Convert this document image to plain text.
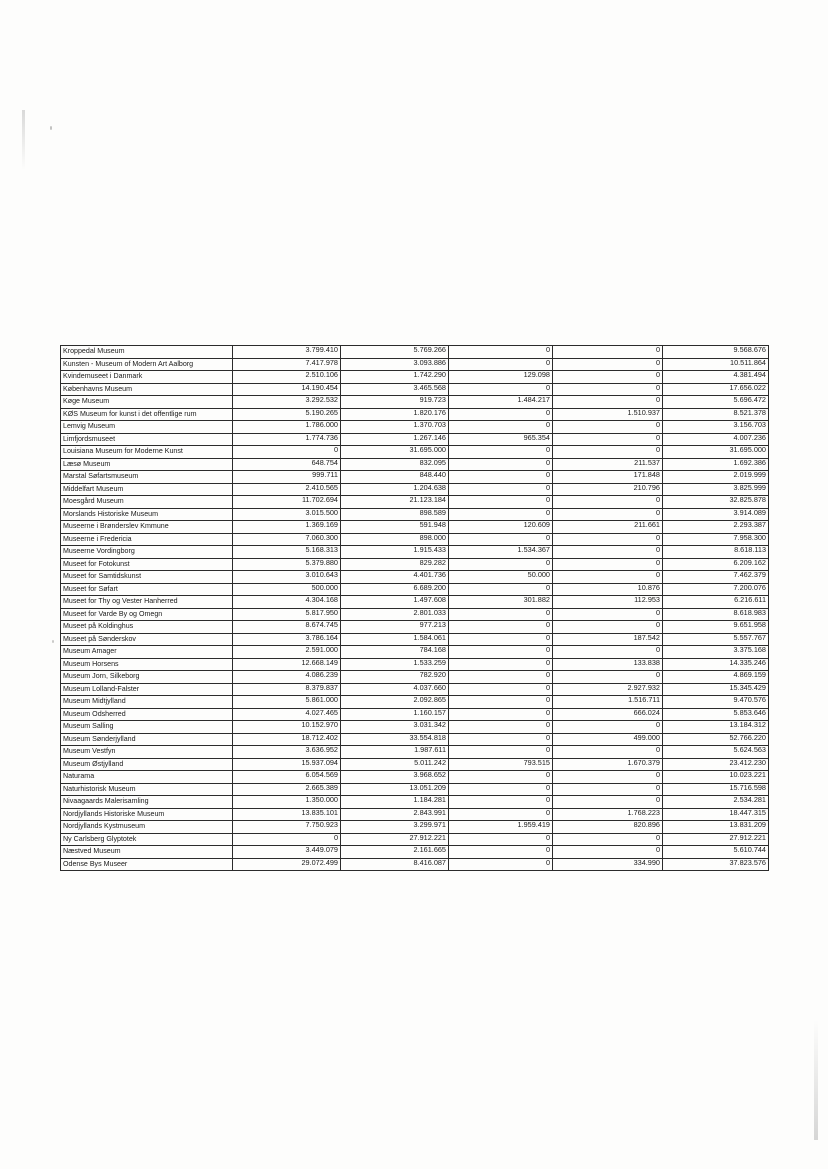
Kroppedal Museum	3.799.410	5.769.266	0	0	9.568.676

Kunsten - Museum of Modern Art Aalborg	7.417.978	3.093.886	0	0	10.511.864

Kvindemuseet i Danmark	2.510.106	1.742.290	129.098	0	4.381.494

Københavns Museum	14.190.454	3.465.568	0	0	17.656.022

Køge Museum	3.292.532	919.723	1.484.217	0	5.696.472

KØS Museum for kunst i det offentlige rum	5.190.265	1.820.176	0	1.510.937	8.521.378

Lemvig Museum	1.786.000	1.370.703	0	0	3.156.703

Limfjordsmuseet	1.774.736	1.267.146	965.354	0	4.007.236

Louisiana Museum for Moderne Kunst	0	31.695.000	0	0	31.695.000

Læsø Museum	648.754	832.095	0	211.537	1.692.386

Marstal Søfartsmuseum	999.711	848.440	0	171.848	2.019.999

Middelfart Museum	2.410.565	1.204.638	0	210.796	3.825.999

Moesgård Museum	11.702.694	21.123.184	0	0	32.825.878

Morslands Historiske Museum	3.015.500	898.589	0	0	3.914.089

Museerne i Brønderslev Kmmune	1.369.169	591.948	120.609	211.661	2.293.387

Museerne i Fredericia	7.060.300	898.000	0	0	7.958.300

Museerne Vordingborg	5.168.313	1.915.433	1.534.367	0	8.618.113

Museet for Fotokunst	5.379.880	829.282	0	0	6.209.162

Museet for Samtidskunst	3.010.643	4.401.736	50.000	0	7.462.379

Museet for Søfart	500.000	6.689.200	0	10.876	7.200.076

Museet for Thy og Vester Hanherred	4.304.168	1.497.608	301.882	112.953	6.216.611

Museet for Varde By og Omegn	5.817.950	2.801.033	0	0	8.618.983

Museet på Koldinghus	8.674.745	977.213	0	0	9.651.958

Museet på Sønderskov	3.786.164	1.584.061	0	187.542	5.557.767

Museum Amager	2.591.000	784.168	0	0	3.375.168

Museum Horsens	12.668.149	1.533.259	0	133.838	14.335.246

Museum Jorn, Silkeborg	4.086.239	782.920	0	0	4.869.159

Museum Lolland-Falster	8.379.837	4.037.660	0	2.927.932	15.345.429

Museum Midtjylland	5.861.000	2.092.865	0	1.516.711	9.470.576

Museum Odsherred	4.027.465	1.160.157	0	666.024	5.853.646

Museum Salling	10.152.970	3.031.342	0	0	13.184.312

Museum Sønderjylland	18.712.402	33.554.818	0	499.000	52.766.220

Museum Vestfyn	3.636.952	1.987.611	0	0	5.624.563

Museum Østjylland	15.937.094	5.011.242	793.515	1.670.379	23.412.230

Naturama	6.054.569	3.968.652	0	0	10.023.221

Naturhistorisk Museum	2.665.389	13.051.209	0	0	15.716.598

Nivaagaards Malerisamling	1.350.000	1.184.281	0	0	2.534.281

Nordjyllands Historiske Museum	13.835.101	2.843.991	0	1.768.223	18.447.315

Nordjyllands Kystmuseum	7.750.923	3.299.971	1.959.419	820.896	13.831.209

Ny Carlsberg Glyptotek	0	27.912.221	0	0	27.912.221

Næstved Museum	3.449.079	2.161.665	0	0	5.610.744

Odense Bys Museer	29.072.499	8.416.087	0	334.990	37.823.576
